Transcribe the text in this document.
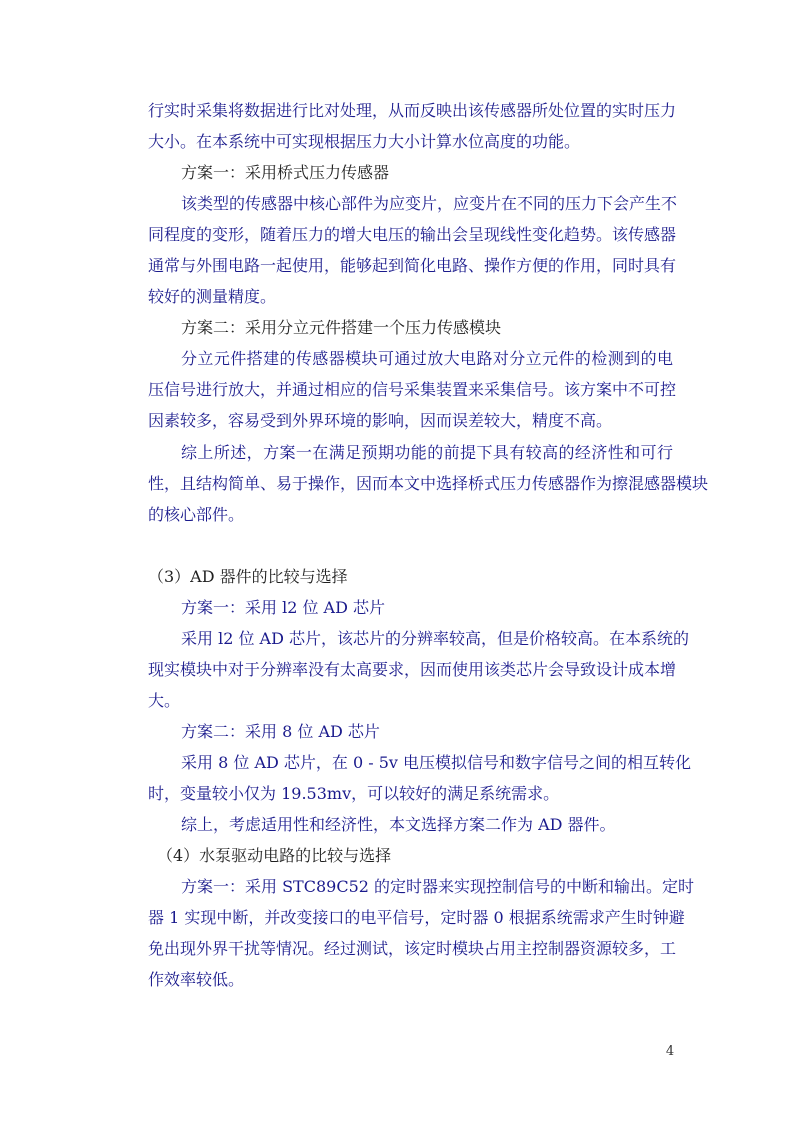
行实时采集将数据进行比对处理，从而反映出该传感器所处位置的实时压力
大小。在本系统中可实现根据压力大小计算水位高度的功能。
方案一：采用桥式压力传感器
该类型的传感器中核心部件为应变片，应变片在不同的压力下会产生不
同程度的变形，随着压力的增大电压的输出会呈现线性变化趋势。该传感器
通常与外围电路一起使用，能够起到简化电路、操作方便的作用，同时具有
较好的测量精度。
方案二：采用分立元件搭建一个压力传感模块
分立元件搭建的传感器模块可通过放大电路对分立元件的检测到的电
压信号进行放大，并通过相应的信号采集装置来采集信号。该方案中不可控
因素较多，容易受到外界环境的影响，因而误差较大，精度不高。
综上所述，方案一在满足预期功能的前提下具有较高的经济性和可行
性，且结构简单、易于操作，因而本文中选择桥式压力传感器作为擦混感器模块
的核心部件。
（3）AD 器件的比较与选择
方案一：采用 l2 位 AD 芯片
采用 l2 位 AD 芯片，该芯片的分辨率较高，但是价格较高。在本系统的
现实模块中对于分辨率没有太高要求，因而使用该类芯片会导致设计成本增
大。
方案二：采用 8 位 AD 芯片
采用 8 位 AD 芯片，在 0 - 5v 电压模拟信号和数字信号之间的相互转化
时，变量较小仅为 19.53mv，可以较好的满足系统需求。
综上，考虑适用性和经济性，本文选择方案二作为 AD 器件。
（4）水泵驱动电路的比较与选择
方案一：采用 STC89C52 的定时器来实现控制信号的中断和输出。定时
器 1 实现中断，并改变接口的电平信号，定时器 0 根据系统需求产生时钟避
免出现外界干扰等情况。经过测试，该定时模块占用主控制器资源较多，工
作效率较低。
4
